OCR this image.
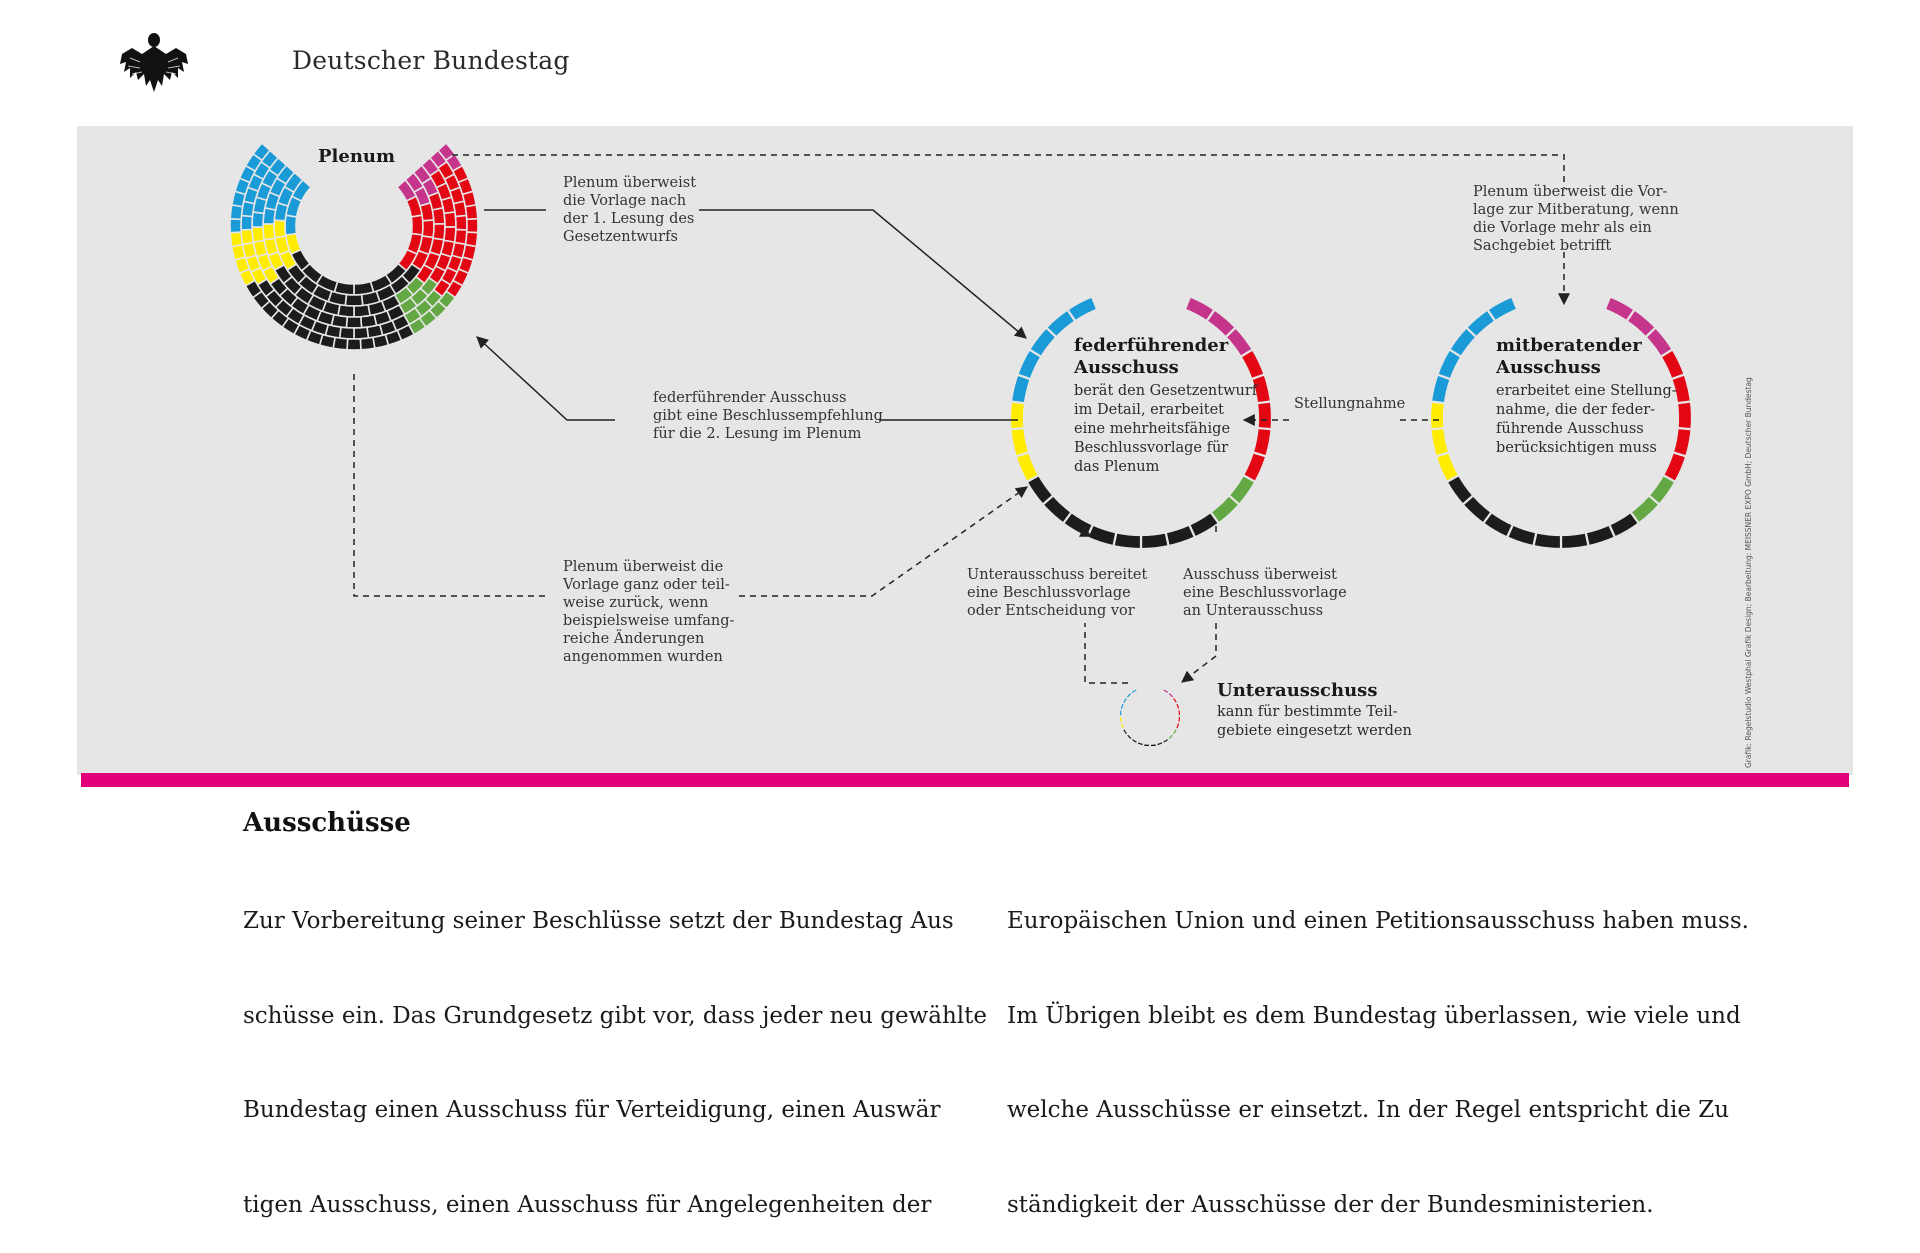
Deutscher Bundestag
Plenum
federführender
Ausschuss
berät den Gesetzentwurf
im Detail, erarbeitet
eine mehrheitsfähige
Beschlussvorlage für
das Plenum
mitberatender
Ausschuss
erarbeitet eine Stellung-
nahme, die der feder-
führende Ausschuss
berücksichtigen muss
Unterausschuss
kann für bestimmte Teil-
gebiete eingesetzt werden
Plenum überweist
die Vorlage nach
der 1. Lesung des
Gesetzentwurfs
federführender Ausschuss
gibt eine Beschlussempfehlung
für die 2. Lesung im Plenum
Plenum überweist die Vor-
lage zur Mitberatung, wenn
die Vorlage mehr als ein
Sachgebiet betrifft
Stellungnahme
Plenum überweist die
Vorlage ganz oder teil-
weise zurück, wenn
beispielsweise umfang-
reiche Änderungen
angenommen wurden
Unterausschuss bereitet
eine Beschlussvorlage
oder Entscheidung vor
Ausschuss überweist
eine Beschlussvorlage
an Unterausschuss	Grafik: Regelstudio Westphal Grafik Design; Bearbeitung: MEISSNER EXPO GmbH; Deutscher Bundestag
Ausschüsse

Zur Vorbereitung seiner Beschlüsse setzt der Bundestag Aus

schüsse ein. Das Grundgesetz gibt vor, dass jeder neu gewählte

Bundestag einen Ausschuss für Verteidigung, einen Auswär

tigen Ausschuss, einen Ausschuss für Angelegenheiten der

Europäischen Union und einen Petitionsausschuss haben muss.

Im Übrigen bleibt es dem Bundestag überlassen, wie viele und

welche Ausschüsse er einsetzt. In der Regel entspricht die Zu

ständigkeit der Ausschüsse der der Bundesministerien.
